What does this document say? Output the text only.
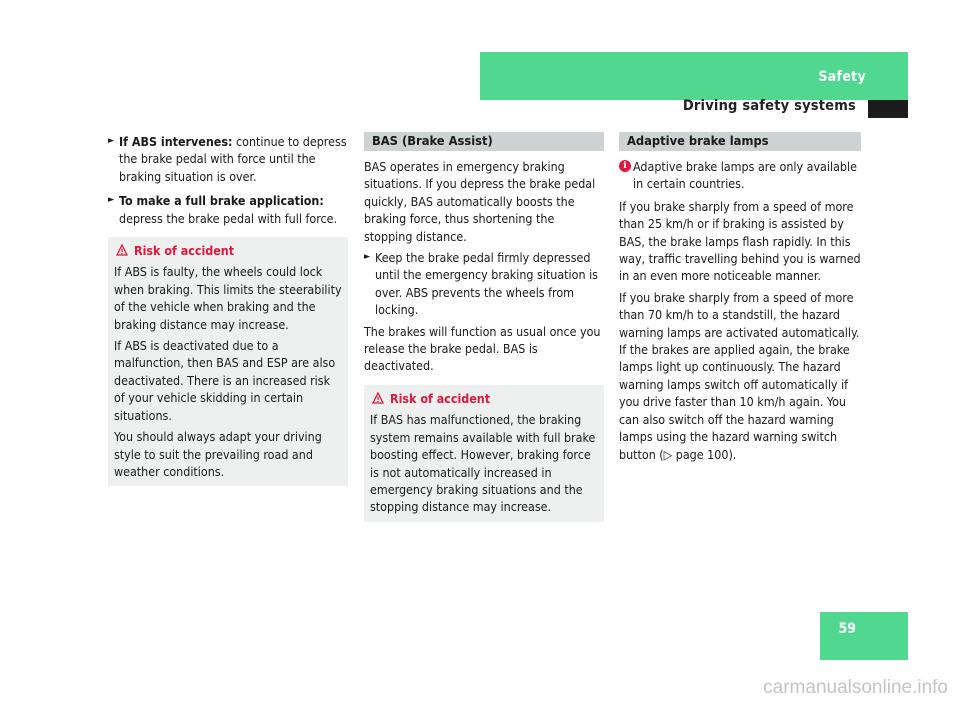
Safety
Driving safety systems
► If ABS intervenes: continue to depress the brake pedal with force until the braking situation is over.
► To make a full brake application:
depress the brake pedal with full force.
Risk of accident

If ABS is faulty, the wheels could lock when braking. This limits the steerability of the vehicle when braking and the braking distance may increase.

If ABS is deactivated due to a malfunction, then BAS and ESP are also deactivated. There is an increased risk of your vehicle skidding in certain situations.

You should always adapt your driving style to suit the prevailing road and weather conditions.

BAS (Brake Assist)

BAS operates in emergency braking situations. If you depress the brake pedal quickly, BAS automatically boosts the braking force, thus shortening the stopping distance.

► Keep the brake pedal firmly depressed until the emergency braking situation is over. ABS prevents the wheels from locking.

The brakes will function as usual once you release the brake pedal. BAS is deactivated.

Risk of accident

If BAS has malfunctioned, the braking system remains available with full brake boosting effect. However, braking force is not automatically increased in emergency braking situations and the stopping distance may increase.

Adaptive brake lamps
i Adaptive brake lamps are only available in certain countries.

If you brake sharply from a speed of more than 25 km/h or if braking is assisted by BAS, the brake lamps flash rapidly. In this way, traffic travelling behind you is warned in an even more noticeable manner.

If you brake sharply from a speed of more than 70 km/h to a standstill, the hazard warning lamps are activated automatically. If the brakes are applied again, the brake lamps light up continuously. The hazard warning lamps switch off automatically if you drive faster than 10 km/h again. You can also switch off the hazard warning lamps using the hazard warning switch button (▷ page 100).

59
carmanualsonline.info
